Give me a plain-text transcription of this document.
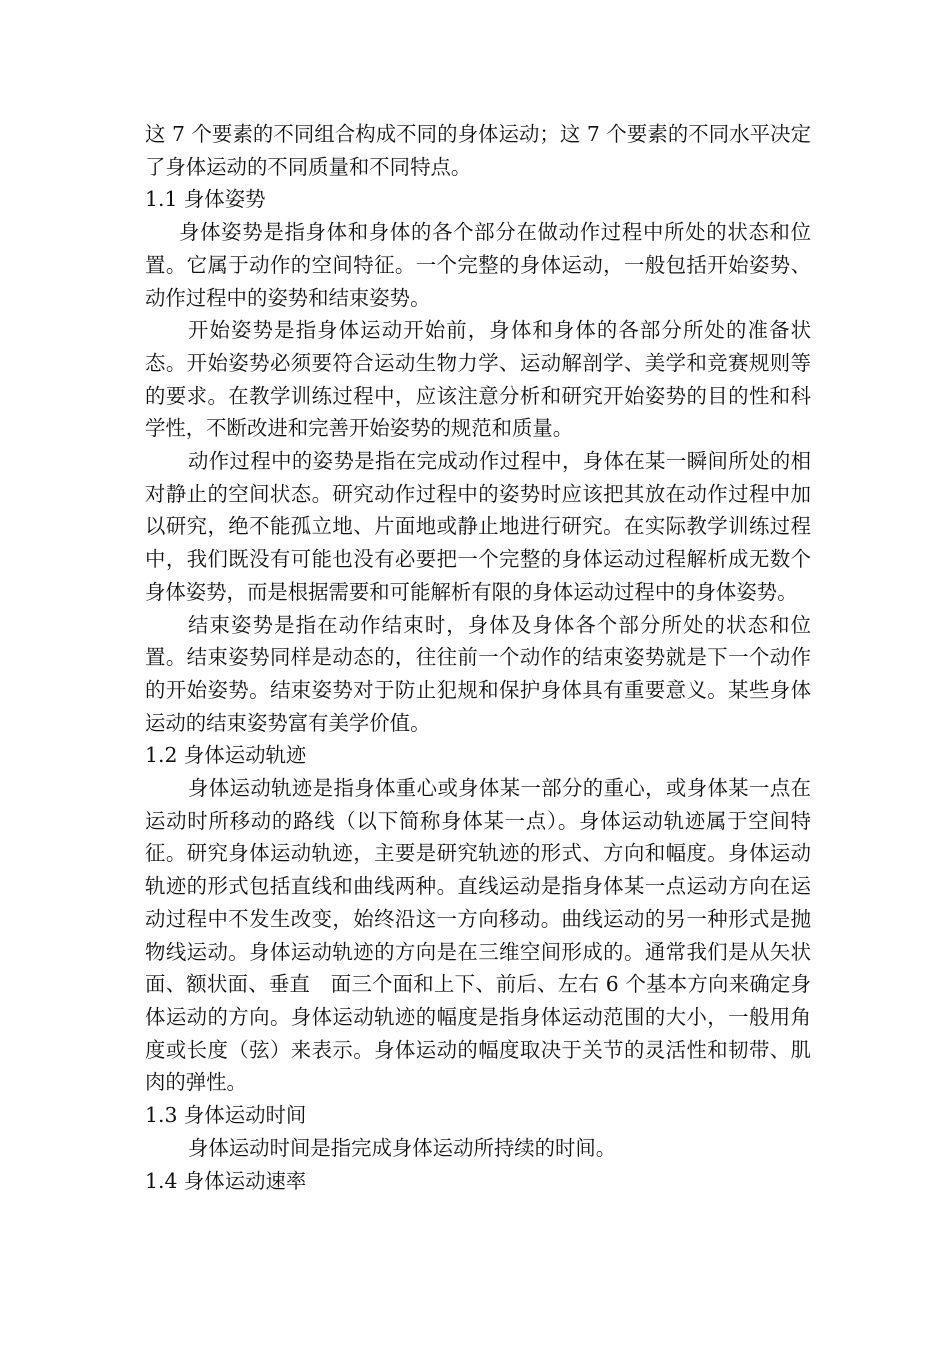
这 7 个要素的不同组合构成不同的身体运动；这 7 个要素的不同水平决定了身体运动的不同质量和不同特点。

1.1 身体姿势

身体姿势是指身体和身体的各个部分在做动作过程中所处的状态和位置。它属于动作的空间特征。一个完整的身体运动，一般包括开始姿势、动作过程中的姿势和结束姿势。

开始姿势是指身体运动开始前，身体和身体的各部分所处的准备状态。开始姿势必须要符合运动生物力学、运动解剖学、美学和竞赛规则等的要求。在教学训练过程中，应该注意分析和研究开始姿势的目的性和科学性，不断改进和完善开始姿势的规范和质量。

动作过程中的姿势是指在完成动作过程中，身体在某一瞬间所处的相对静止的空间状态。研究动作过程中的姿势时应该把其放在动作过程中加以研究，绝不能孤立地、片面地或静止地进行研究。在实际教学训练过程中，我们既没有可能也没有必要把一个完整的身体运动过程解析成无数个身体姿势，而是根据需要和可能解析有限的身体运动过程中的身体姿势。

结束姿势是指在动作结束时，身体及身体各个部分所处的状态和位置。结束姿势同样是动态的，往往前一个动作的结束姿势就是下一个动作的开始姿势。结束姿势对于防止犯规和保护身体具有重要意义。某些身体运动的结束姿势富有美学价值。

1.2 身体运动轨迹

身体运动轨迹是指身体重心或身体某一部分的重心，或身体某一点在运动时所移动的路线（以下简称身体某一点）。身体运动轨迹属于空间特征。研究身体运动轨迹，主要是研究轨迹的形式、方向和幅度。身体运动轨迹的形式包括直线和曲线两种。直线运动是指身体某一点运动方向在运动过程中不发生改变，始终沿这一方向移动。曲线运动的另一种形式是抛物线运动。身体运动轨迹的方向是在三维空间形成的。通常我们是从矢状面、额状面、垂直　面三个面和上下、前后、左右 6 个基本方向来确定身体运动的方向。身体运动轨迹的幅度是指身体运动范围的大小，一般用角度或长度（弦）来表示。身体运动的幅度取决于关节的灵活性和韧带、肌肉的弹性。

1.3 身体运动时间

身体运动时间是指完成身体运动所持续的时间。

1.4 身体运动速率
